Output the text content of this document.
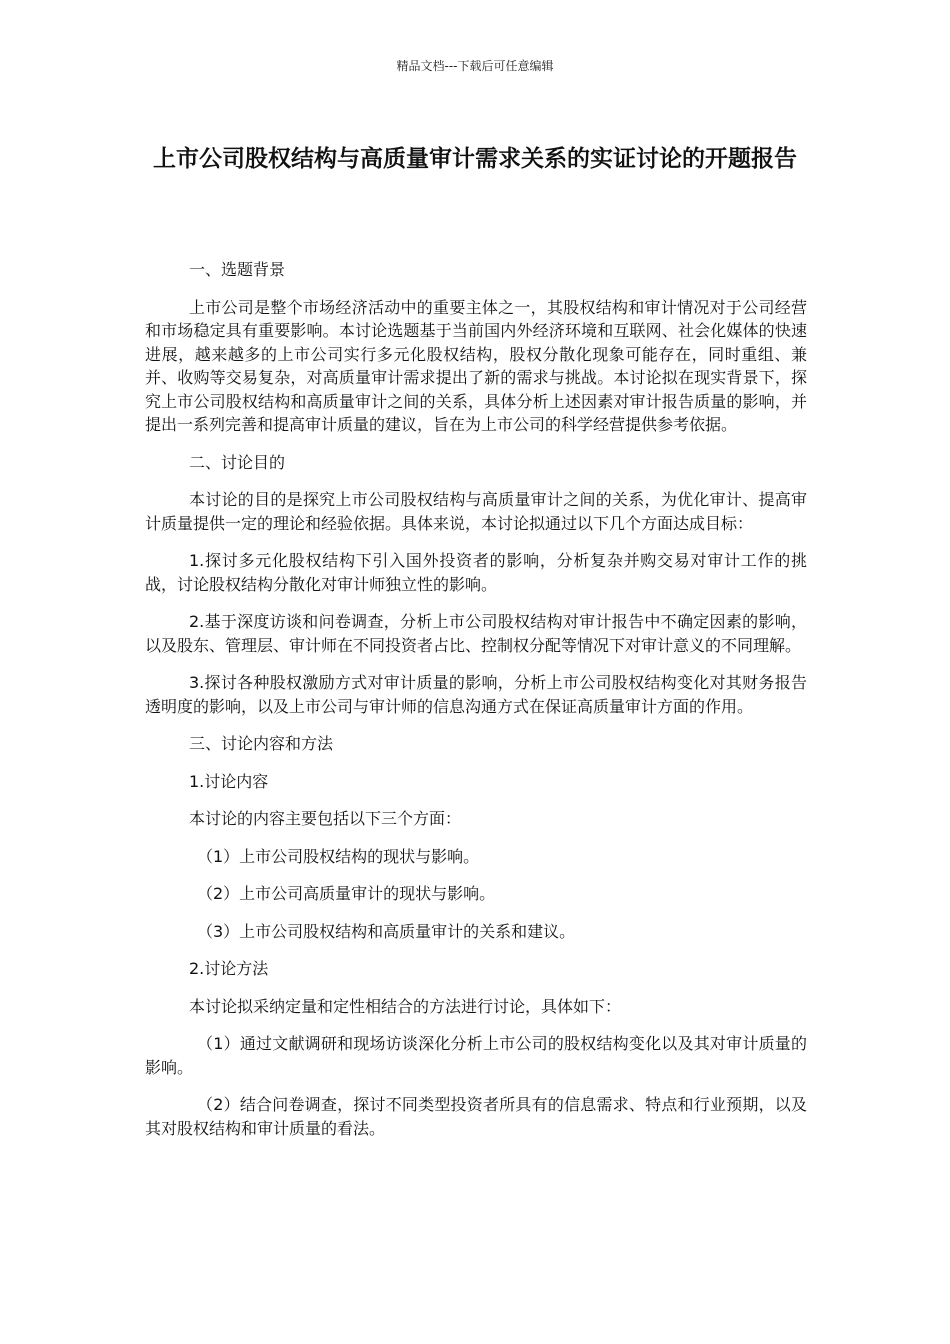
精品文档---下载后可任意编辑
上市公司股权结构与高质量审计需求关系的实证讨论的开题报告

一、选题背景

上市公司是整个市场经济活动中的重要主体之一，其股权结构和审计情况对于公司经营和市场稳定具有重要影响。本讨论选题基于当前国内外经济环境和互联网、社会化媒体的快速进展，越来越多的上市公司实行多元化股权结构，股权分散化现象可能存在，同时重组、兼并、收购等交易复杂，对高质量审计需求提出了新的需求与挑战。本讨论拟在现实背景下，探究上市公司股权结构和高质量审计之间的关系，具体分析上述因素对审计报告质量的影响，并提出一系列完善和提高审计质量的建议，旨在为上市公司的科学经营提供参考依据。

二、讨论目的

本讨论的目的是探究上市公司股权结构与高质量审计之间的关系，为优化审计、提高审计质量提供一定的理论和经验依据。具体来说，本讨论拟通过以下几个方面达成目标：

1.探讨多元化股权结构下引入国外投资者的影响，分析复杂并购交易对审计工作的挑战，讨论股权结构分散化对审计师独立性的影响。

2.基于深度访谈和问卷调查，分析上市公司股权结构对审计报告中不确定因素的影响，以及股东、管理层、审计师在不同投资者占比、控制权分配等情况下对审计意义的不同理解。

3.探讨各种股权激励方式对审计质量的影响，分析上市公司股权结构变化对其财务报告透明度的影响，以及上市公司与审计师的信息沟通方式在保证高质量审计方面的作用。

三、讨论内容和方法

1.讨论内容

本讨论的内容主要包括以下三个方面：

（1）上市公司股权结构的现状与影响。

（2）上市公司高质量审计的现状与影响。

（3）上市公司股权结构和高质量审计的关系和建议。

2.讨论方法

本讨论拟采纳定量和定性相结合的方法进行讨论，具体如下：

（1）通过文献调研和现场访谈深化分析上市公司的股权结构变化以及其对审计质量的影响。

（2）结合问卷调查，探讨不同类型投资者所具有的信息需求、特点和行业预期，以及其对股权结构和审计质量的看法。
